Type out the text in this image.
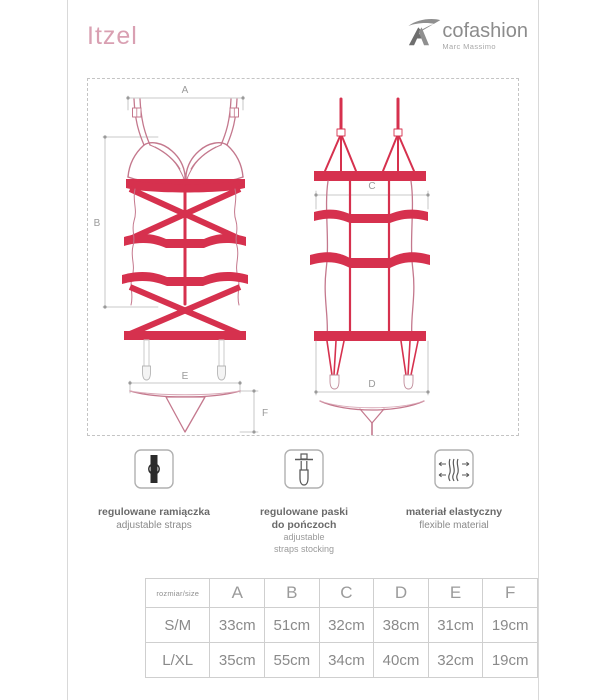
Itzel	cofashion
Marc Massimo
A
B
E
F
C
D
regulowane ramiączka
adjustable straps
regulowane paski
do pończoch
adjustable
straps stocking
materiał elastyczny
flexible material
rozmiar/size	A	B	C	D	E	F
S/M	33cm	51cm	32cm	38cm	31cm	19cm
L/XL	35cm	55cm	34cm	40cm	32cm	19cm
